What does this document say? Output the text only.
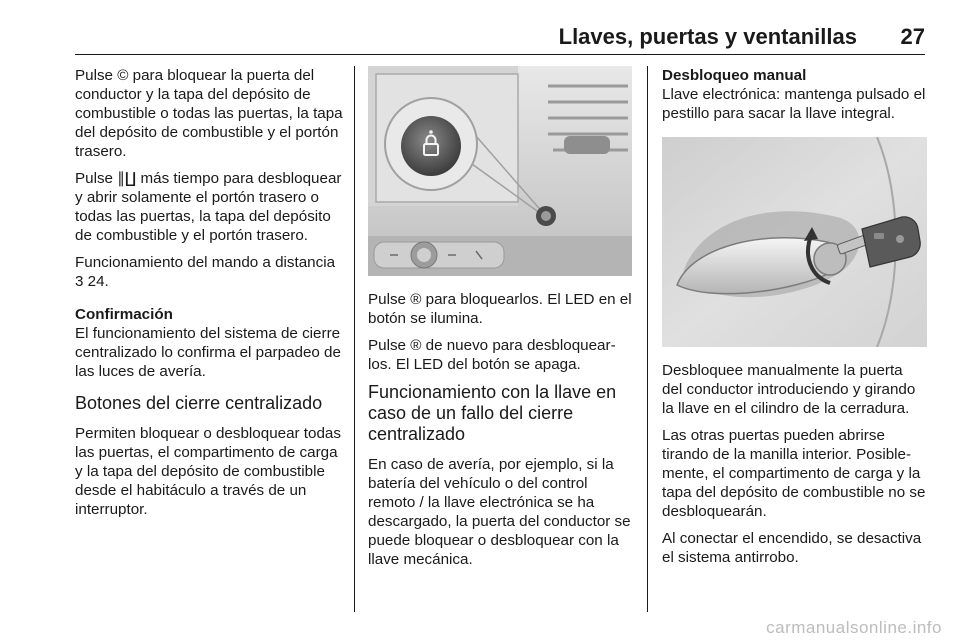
Llaves, puertas y ventanillas 27

Pulse © para bloquear la puerta del conductor y la tapa del depósito de combustible o todas las puertas, la tapa del depósito de combustible y el portón trasero.

Pulse ∥∐ más tiempo para desbloquear y abrir solamente el portón trasero o todas las puertas, la tapa del depósito de combustible y el portón trasero.

Funcionamiento del mando a distancia 3 24.

Confirmación

El funcionamiento del sistema de cierre centralizado lo confirma el parpadeo de las luces de avería.

Botones del cierre centralizado

Permiten bloquear o desbloquear todas las puertas, el compartimento de carga y la tapa del depósito de combustible desde el habitáculo a través de un interruptor.

Pulse ® para bloquearlos. El LED en el botón se ilumina.

Pulse ® de nuevo para desbloquearlos. El LED del botón se apaga.

Funcionamiento con la llave en caso de un fallo del cierre centralizado

En caso de avería, por ejemplo, si la batería del vehículo o del control remoto / la llave electrónica se ha descargado, la puerta del conductor se puede bloquear o desbloquear con la llave mecánica.

Desbloqueo manual

Llave electrónica: mantenga pulsado el pestillo para sacar la llave integral.

Desbloquee manualmente la puerta del conductor introduciendo y girando la llave en el cilindro de la cerradura.

Las otras puertas pueden abrirse tirando de la manilla interior. Posiblemente, el compartimento de carga y la tapa del depósito de combustible no se desbloquearán.

Al conectar el encendido, se desactiva el sistema antirrobo.

carmanualsonline.info
